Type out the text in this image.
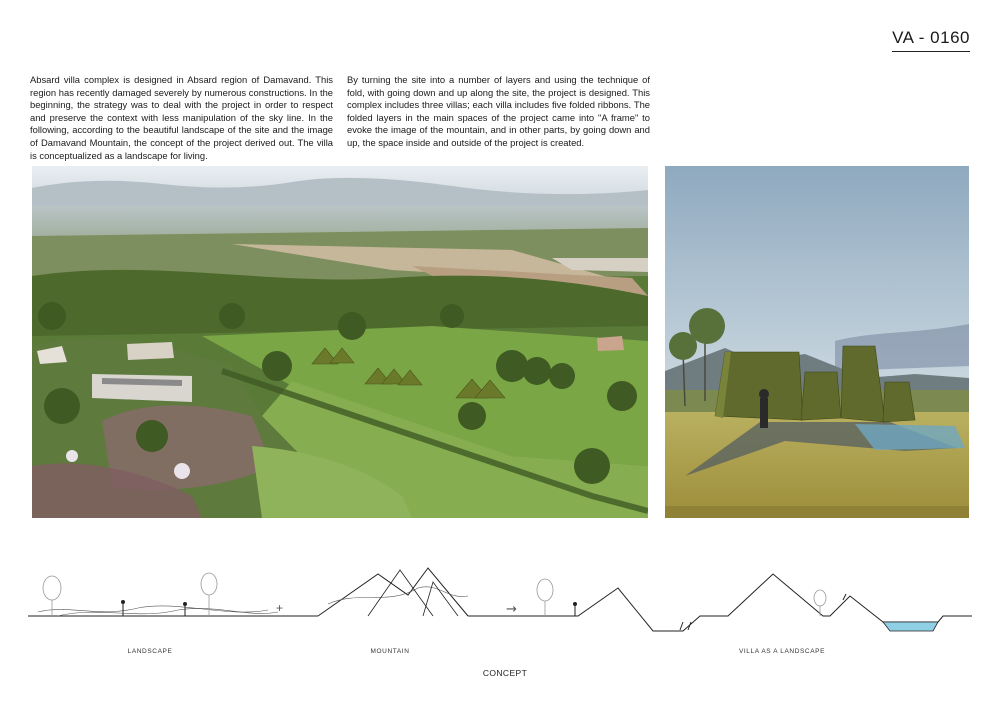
VA - 0160

Absard villa complex is designed in Absard region of Damavand. This region has recently damaged severely by numerous constructions. In the beginning, the strategy was to deal with the project in order to respect and preserve the context with less manipulation of the sky line. In the following, according to the beautiful landscape of the site and the image of Damavand Mountain, the concept of the project derived out. The villa is conceptualized as a landscape for living.

By turning the site into a number of layers and using the technique of fold, with going down and up along the site, the project is designed. This complex includes three villas; each villa includes five folded ribbons. The folded layers in the main spaces of the project came into "A frame" to evoke the image of the mountain, and in other parts, by going down and up, the space inside and outside of the project is created.

+	→
LANDSCAPE	MOUNTAIN	VILLA AS A LANDSCAPE
CONCEPT
